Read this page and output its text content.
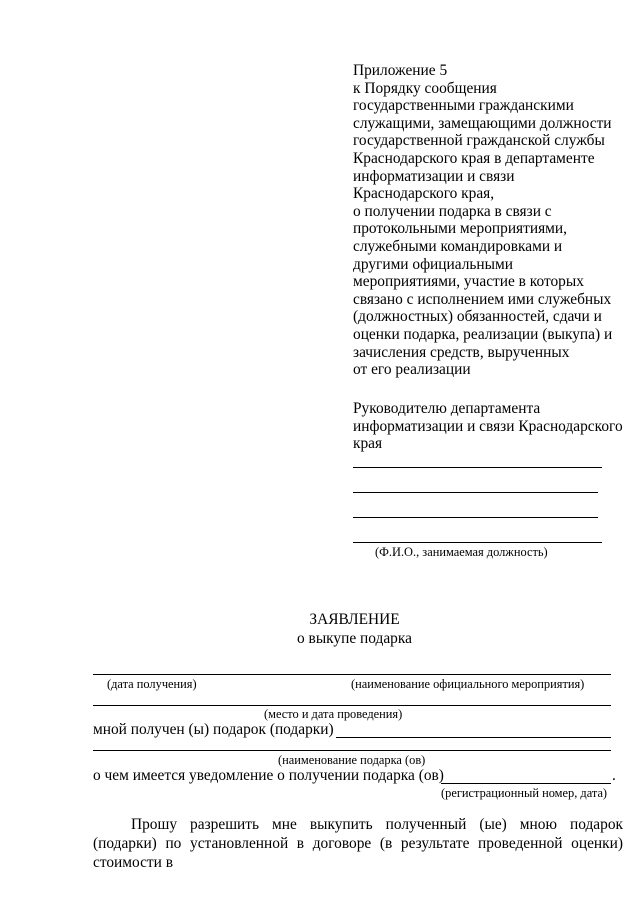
Приложение 5
к Порядку сообщения
государственными гражданскими
служащими, замещающими должности
государственной гражданской службы
Краснодарского края в департаменте
информатизации и связи
Краснодарского края,
о получении подарка в связи с
протокольными мероприятиями,
служебными командировками и
другими официальными
мероприятиями, участие в которых
связано с исполнением ими служебных
(должностных) обязанностей, сдачи и
оценки подарка, реализации (выкупа) и
зачисления средств, вырученных
от его реализации
Руководителю департамента
информатизации и связи Краснодарского
края
(Ф.И.О., занимаемая должность)
ЗАЯВЛЕНИЕ
о выкупе подарка
(дата получения)	(наименование официального мероприятия)
(место и дата проведения)
мной получен (ы) подарок (подарки)
(наименование подарка (ов)
о чем имеется уведомление о получении подарка (ов)	.
(регистрационный номер, дата)
Прошу разрешить мне выкупить полученный (ые) мною подарок (подарки) по установленной в договоре (в результате проведенной оценки) стоимости в
